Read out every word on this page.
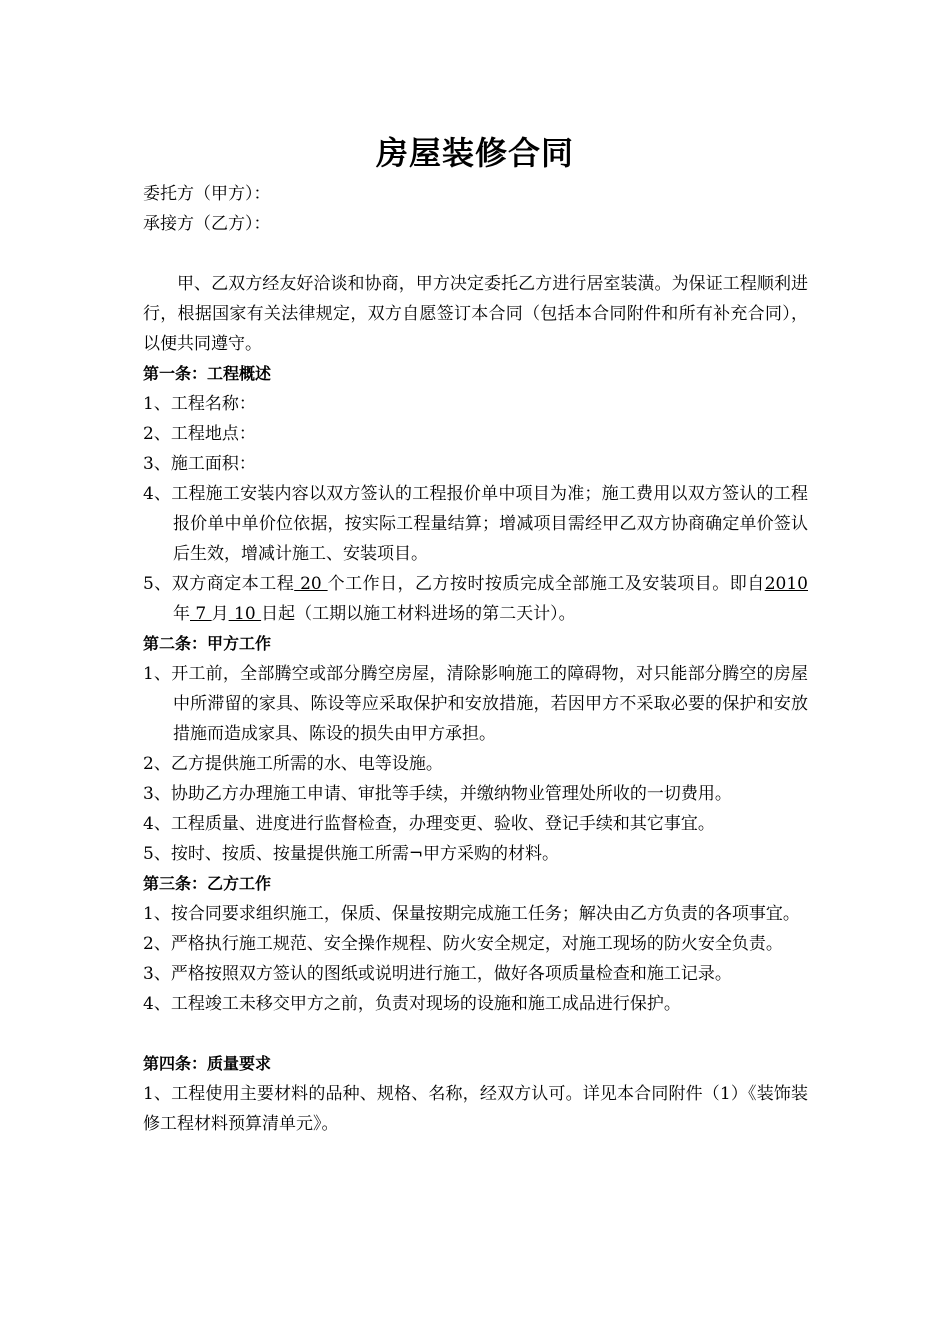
房屋装修合同
委托方（甲方）：
承接方（乙方）：
甲、乙双方经友好洽谈和协商，甲方决定委托乙方进行居室装潢。为保证工程顺利进行，根据国家有关法律规定，双方自愿签订本合同（包括本合同附件和所有补充合同），以便共同遵守。
第一条：工程概述
1、工程名称：
2、工程地点：
3、施工面积：
4、工程施工安装内容以双方签认的工程报价单中项目为准；施工费用以双方签认的工程报价单中单价位依据，按实际工程量结算；增减项目需经甲乙双方协商确定单价签认后生效，增减计施工、安装项目。
5、双方商定本工程 20 个工作日，乙方按时按质完成全部施工及安装项目。即自2010 年 7 月 10 日起（工期以施工材料进场的第二天计）。
第二条：甲方工作
1、开工前，全部腾空或部分腾空房屋，清除影响施工的障碍物，对只能部分腾空的房屋中所滞留的家具、陈设等应采取保护和安放措施，若因甲方不采取必要的保护和安放措施而造成家具、陈设的损失由甲方承担。
2、乙方提供施工所需的水、电等设施。
3、协助乙方办理施工申请、审批等手续，并缴纳物业管理处所收的一切费用。
4、工程质量、进度进行监督检查，办理变更、验收、登记手续和其它事宜。
5、按时、按质、按量提供施工所需¬甲方采购的材料。
第三条：乙方工作
1、按合同要求组织施工，保质、保量按期完成施工任务；解决由乙方负责的各项事宜。
2、严格执行施工规范、安全操作规程、防火安全规定，对施工现场的防火安全负责。
3、严格按照双方签认的图纸或说明进行施工，做好各项质量检查和施工记录。
4、工程竣工未移交甲方之前，负责对现场的设施和施工成品进行保护。
第四条：质量要求
1、工程使用主要材料的品种、规格、名称，经双方认可。详见本合同附件（1）《装饰装修工程材料预算清单元》。
